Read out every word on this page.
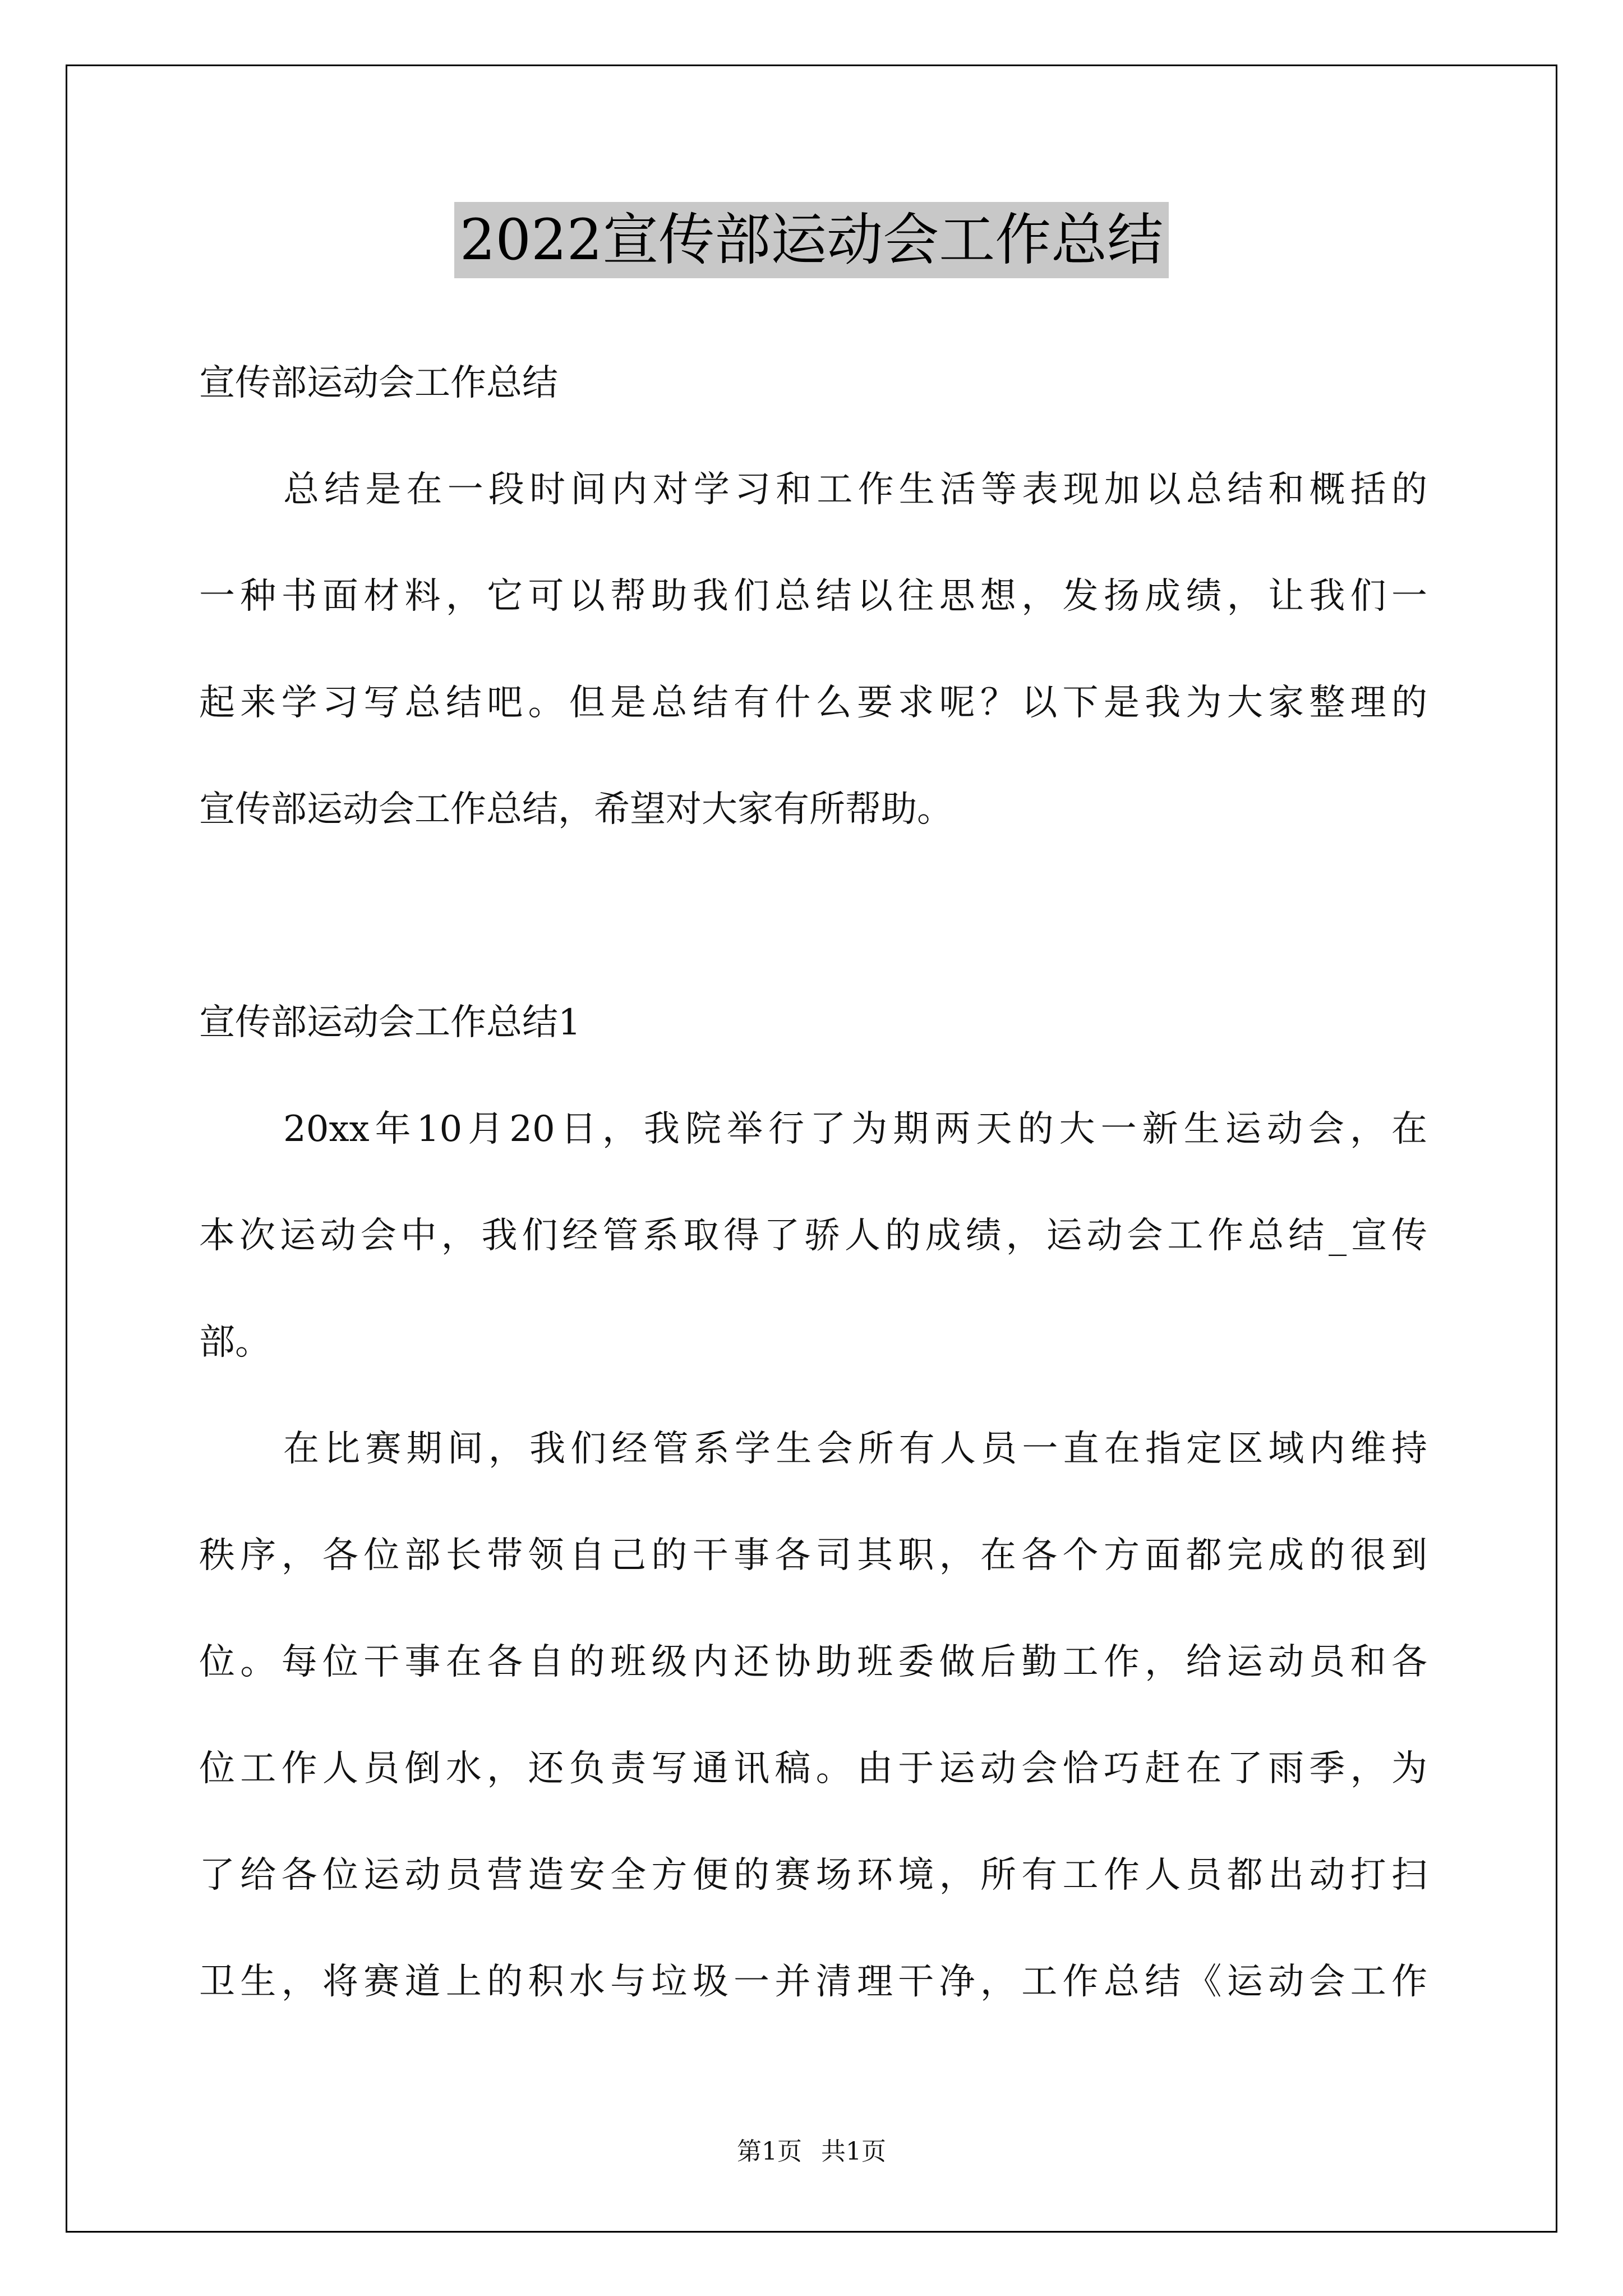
2022宣传部运动会工作总结

宣传部运动会工作总结

总结是在一段时间内对学习和工作生活等表现加以总结和概括的

一种书面材料，它可以帮助我们总结以往思想，发扬成绩，让我们一

起来学习写总结吧。但是总结有什么要求呢？以下是我为大家整理的

宣传部运动会工作总结，希望对大家有所帮助。

宣传部运动会工作总结1

20xx年10月20日，我院举行了为期两天的大一新生运动会，在

本次运动会中，我们经管系取得了骄人的成绩，运动会工作总结_宣传

部。

在比赛期间，我们经管系学生会所有人员一直在指定区域内维持

秩序，各位部长带领自己的干事各司其职，在各个方面都完成的很到

位。每位干事在各自的班级内还协助班委做后勤工作，给运动员和各

位工作人员倒水，还负责写通讯稿。由于运动会恰巧赶在了雨季，为

了给各位运动员营造安全方便的赛场环境，所有工作人员都出动打扫

卫生，将赛道上的积水与垃圾一并清理干净，工作总结《运动会工作

第1页 共1页
